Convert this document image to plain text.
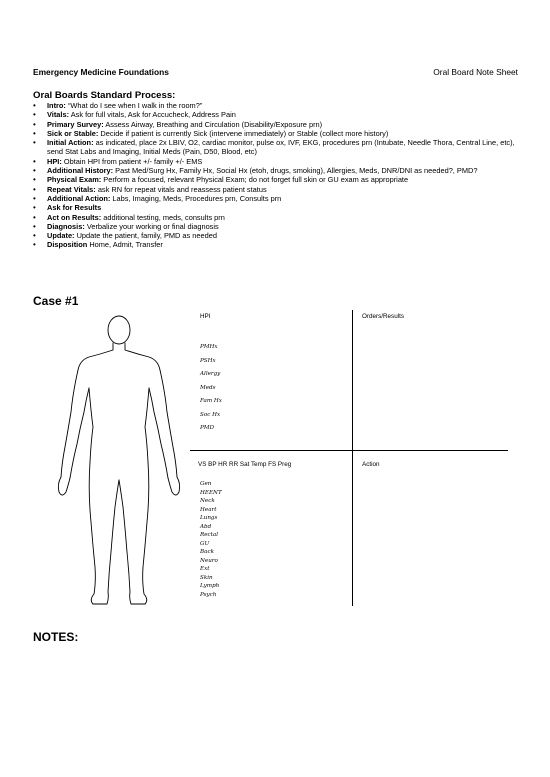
Emergency Medicine Foundations	Oral Board Note Sheet
Oral Boards Standard Process:
• Intro: “What do I see when I walk in the room?”
• Vitals: Ask for full vitals, Ask for Accucheck, Address Pain
• Primary Survey: Assess Airway, Breathing and Circulation (Disability/Exposure prn)
• Sick or Stable: Decide if patient is currently Sick (intervene immediately) or Stable (collect more history)
• Initial Action: as indicated, place 2x LBIV, O2, cardiac monitor, pulse ox, IVF, EKG, procedures prn (Intubate, Needle Thora, Central Line, etc), send Stat Labs and Imaging, Initial Meds (Pain, D50, Blood, etc)
• HPI: Obtain HPI from patient +/- family +/- EMS
• Additional History: Past Med/Surg Hx, Family Hx, Social Hx (etoh, drugs, smoking), Allergies, Meds, DNR/DNI as needed?, PMD?
• Physical Exam: Perform a focused, relevant Physical Exam; do not forget full skin or GU exam as appropriate
• Repeat Vitals: ask RN for repeat vitals and reassess patient status
• Additional Action: Labs, Imaging, Meds, Procedures prn, Consults prn
• Ask for Results
• Act on Results: additional testing, meds, consults prn
• Diagnosis: Verbalize your working or final diagnosis
• Update: Update the patient, family, PMD as needed
• Disposition Home, Admit, Transfer
Case #1
HPI	Orders/Results
VS BP HR RR Sat Temp FS Preg	Action
PMHx
PSHx
Allergy
Meds
Fam Hx
Soc Hx
PMD
Gen
HEENT
Neck
Heart
Lungs
Abd
Rectal
GU
Back
Neuro
Ext
Skin
Lymph
Psych
NOTES:
